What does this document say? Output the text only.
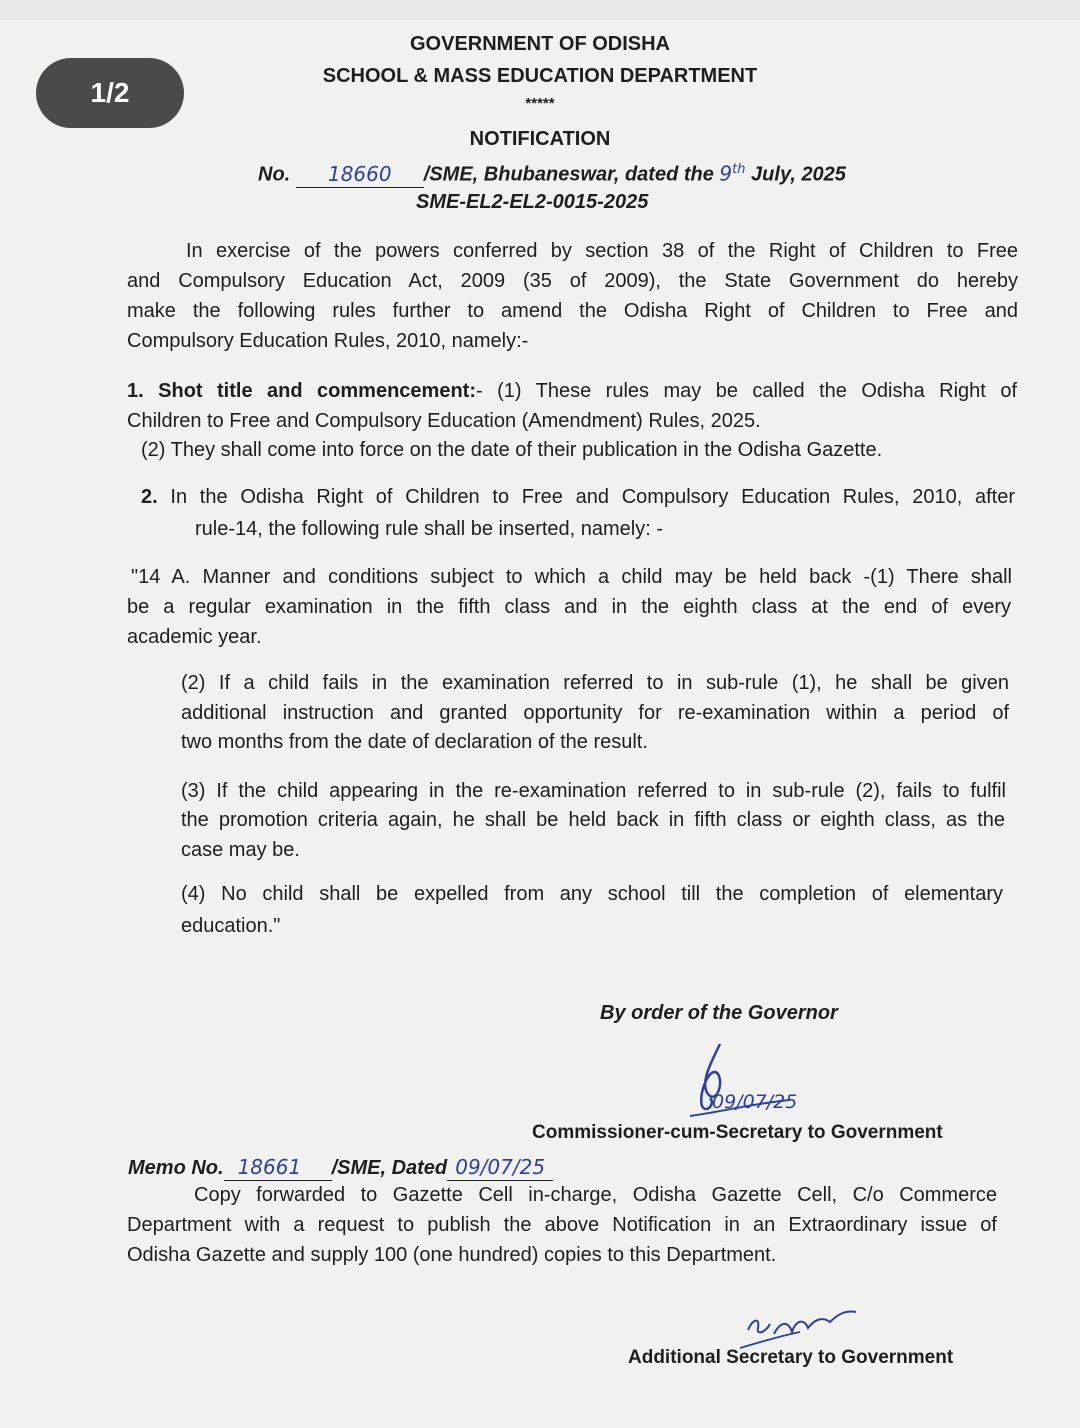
GOVERNMENT OF ODISHA
SCHOOL & MASS EDUCATION DEPARTMENT
*****
NOTIFICATION
No. 18660 /SME, Bhubaneswar, dated the 9th July, 2025
SME-EL2-EL2-0015-2025
In exercise of the powers conferred by section 38 of the Right of Children to Free
and Compulsory Education Act, 2009 (35 of 2009), the State Government do hereby
make the following rules further to amend the Odisha Right of Children to Free and
Compulsory Education Rules, 2010, namely:-
1. Shot title and commencement:- (1) These rules may be called the Odisha Right of
Children to Free and Compulsory Education (Amendment) Rules, 2025.
(2) They shall come into force on the date of their publication in the Odisha Gazette.
2. In the Odisha Right of Children to Free and Compulsory Education Rules, 2010, after
rule-14, the following rule shall be inserted, namely: -
"14 A. Manner and conditions subject to which a child may be held back -(1) There shall
be a regular examination in the fifth class and in the eighth class at the end of every
academic year.
(2) If a child fails in the examination referred to in sub-rule (1), he shall be given
additional instruction and granted opportunity for re-examination within a period of
two months from the date of declaration of the result.
(3) If the child appearing in the re-examination referred to in sub-rule (2), fails to fulfil
the promotion criteria again, he shall be held back in fifth class or eighth class, as the
case may be.
(4) No child shall be expelled from any school till the completion of elementary
education."
By order of the Governor
09/07/25
Commissioner-cum-Secretary to Government
Memo No. 18661 /SME, Dated 09/07/25
Copy forwarded to Gazette Cell in-charge, Odisha Gazette Cell, C/o Commerce
Department with a request to publish the above Notification in an Extraordinary issue of
Odisha Gazette and supply 100 (one hundred) copies to this Department.
Additional Secretary to Government
1/2
